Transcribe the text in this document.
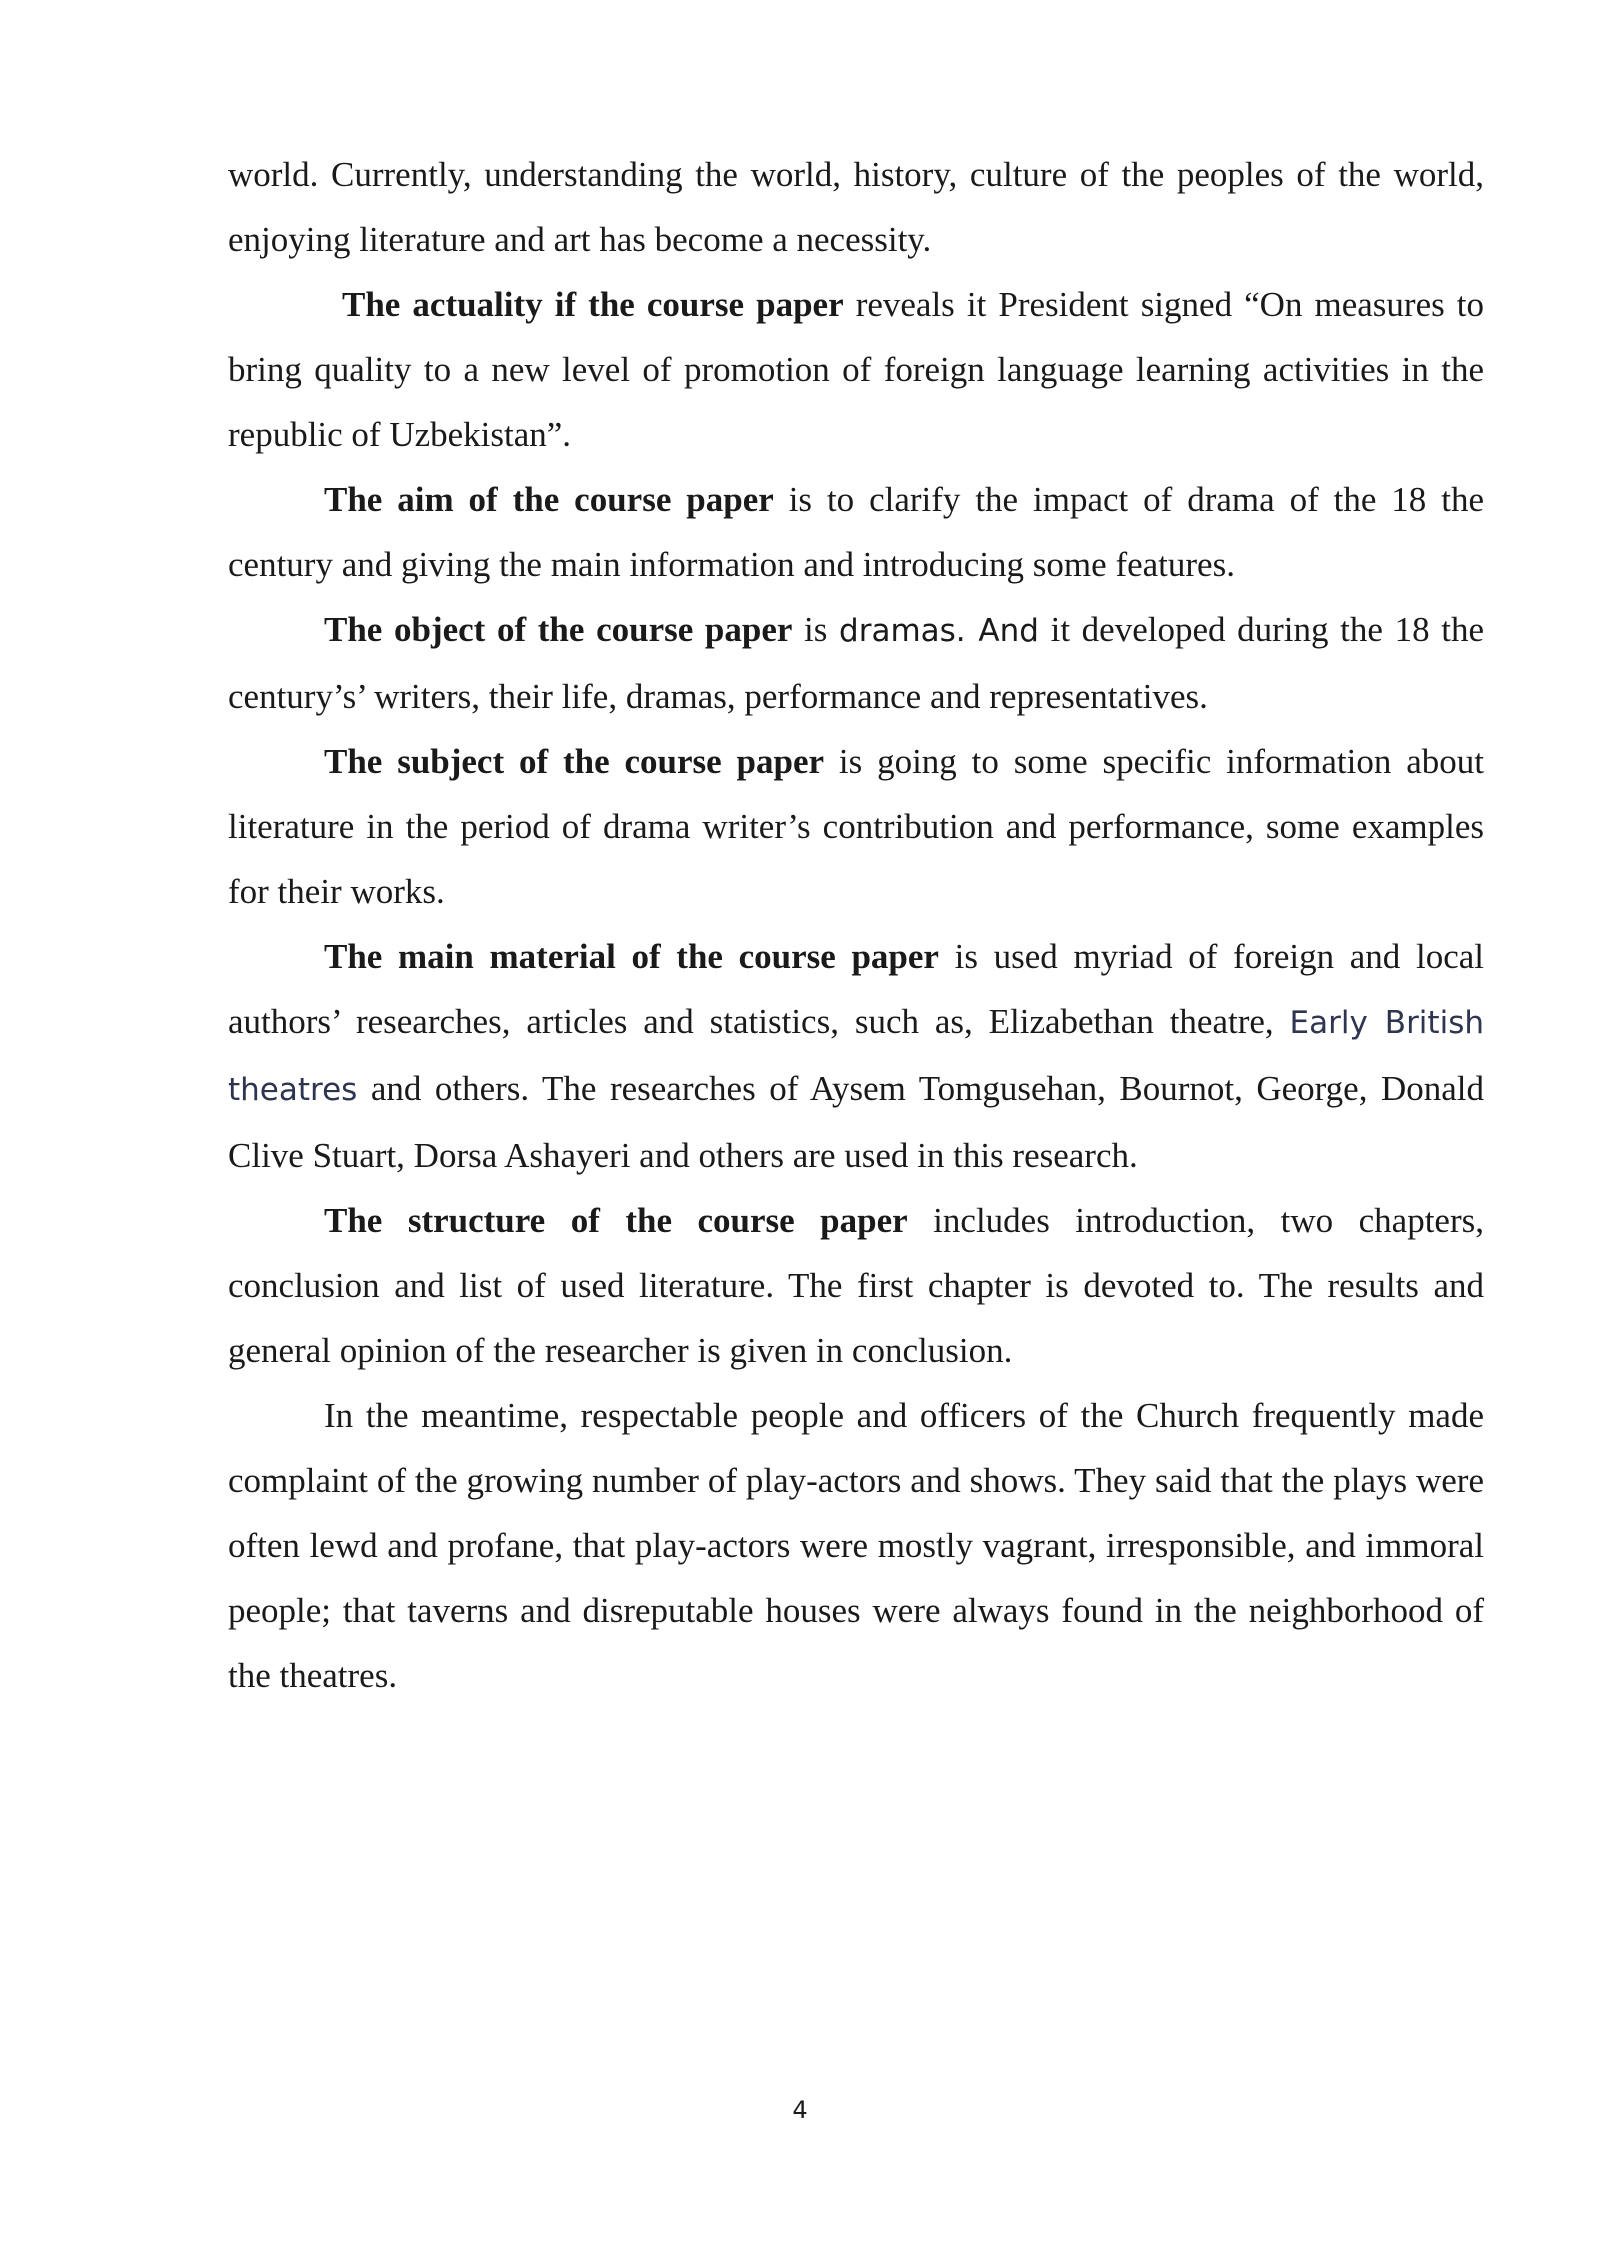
world. Currently, understanding the world, history, culture of the peoples of the world, enjoying literature and art has become a necessity.

The actuality if the course paper reveals it President signed “On measures to bring quality to a new level of promotion of foreign language learning activities in the republic of Uzbekistan”.

The aim of the course paper is to clarify the impact of drama of the 18 the century and giving the main information and introducing some features.

The object of the course paper is dramas. And it developed during the 18 the century’s’ writers, their life, dramas, performance and representatives.

The subject of the course paper is going to some specific information about literature in the period of drama writer’s contribution and performance, some examples for their works.

The main material of the course paper is used myriad of foreign and local authors’ researches, articles and statistics, such as, Elizabethan theatre, Early British theatres and others. The researches of Aysem Tomgusehan, Bournot, George, Donald Clive Stuart, Dorsa Ashayeri and others are used in this research.

The structure of the course paper includes introduction, two chapters, conclusion and list of used literature. The first chapter is devoted to. The results and general opinion of the researcher is given in conclusion.

In the meantime, respectable people and officers of the Church frequently made complaint of the growing number of play-actors and shows. They said that the plays were often lewd and profane, that play-actors were mostly vagrant, irresponsible, and immoral people; that taverns and disreputable houses were always found in the neighborhood of the theatres.

4
